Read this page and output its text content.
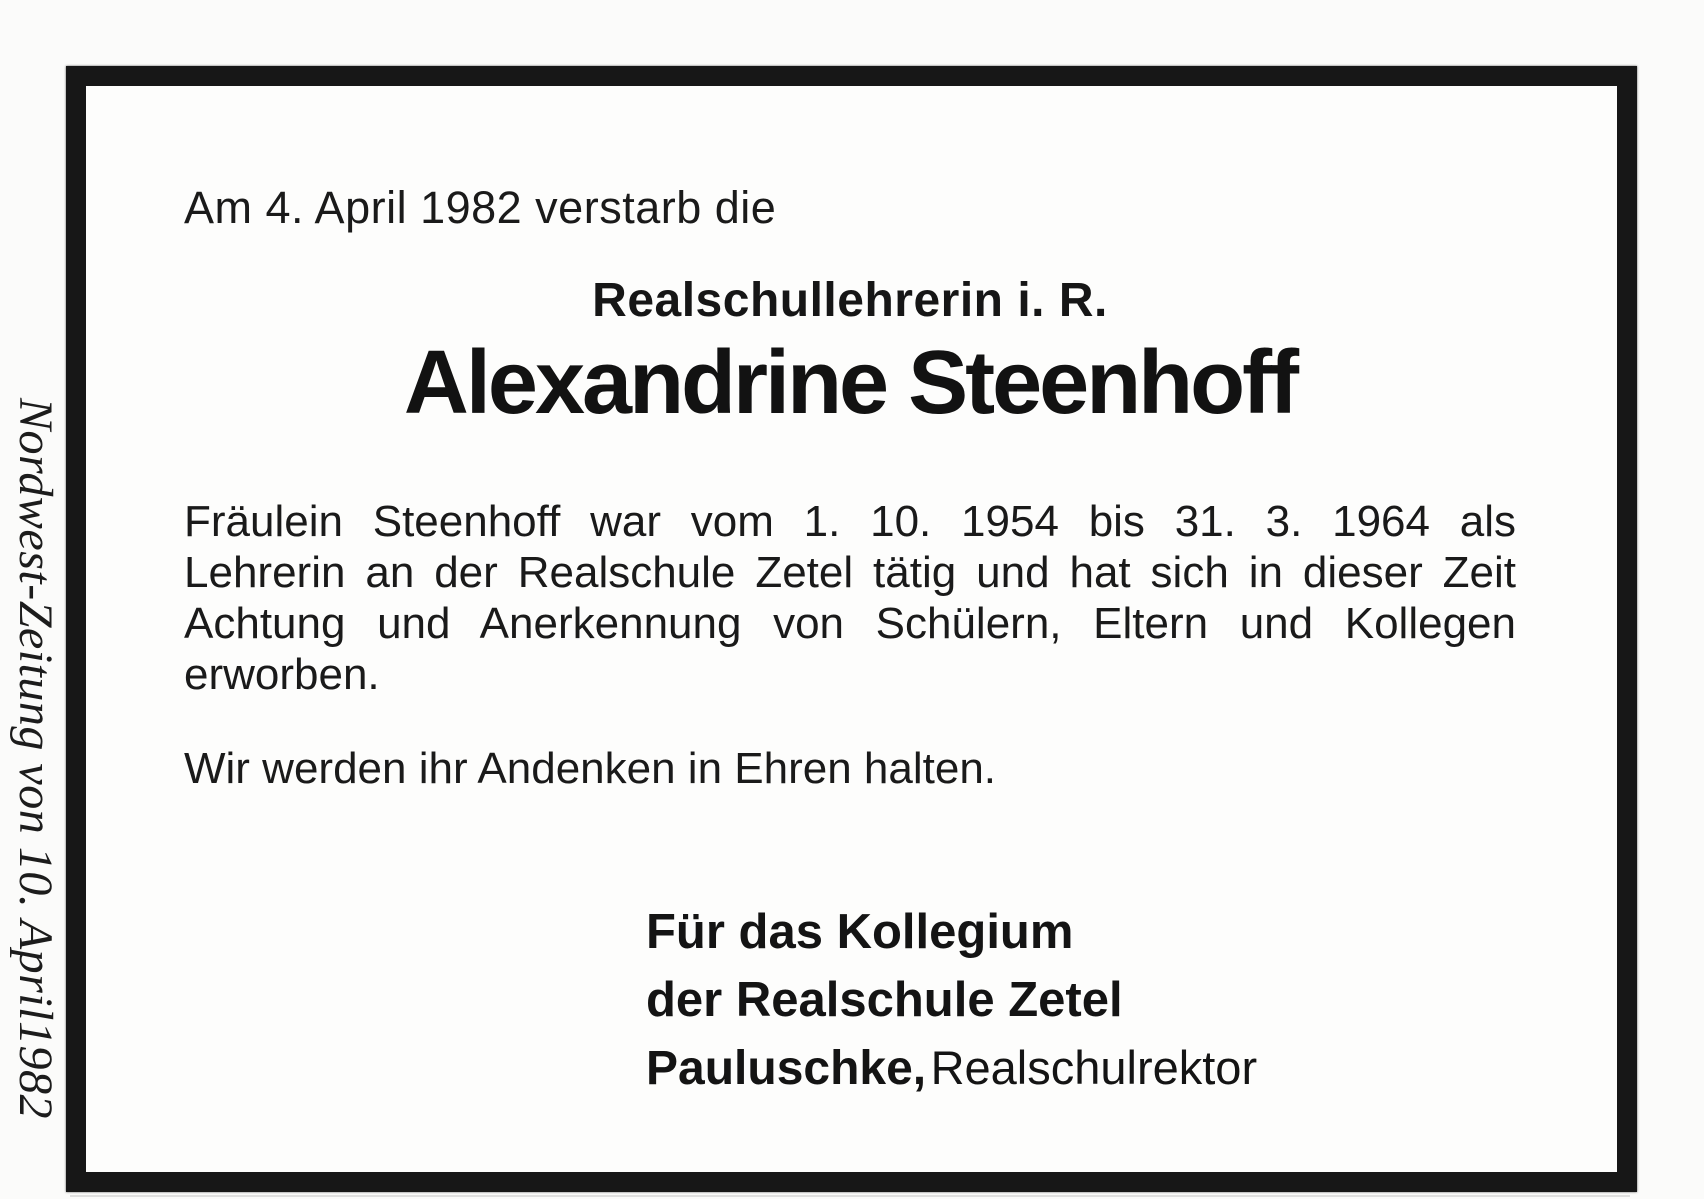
Am 4. April 1982 verstarb die
Realschullehrerin i. R.
Alexandrine Steenhoff
Fräulein Steenhoff war vom 1. 10. 1954 bis 31. 3. 1964 als
Lehrerin an der Realschule Zetel tätig und hat sich in dieser Zeit
Achtung und Anerkennung von Schülern, Eltern und Kollegen
erworben.
Wir werden ihr Andenken in Ehren halten.
Für das Kollegium
der Realschule Zetel
Pauluschke, Realschulrektor
Nordwest-Zeitung von 10. April1982
